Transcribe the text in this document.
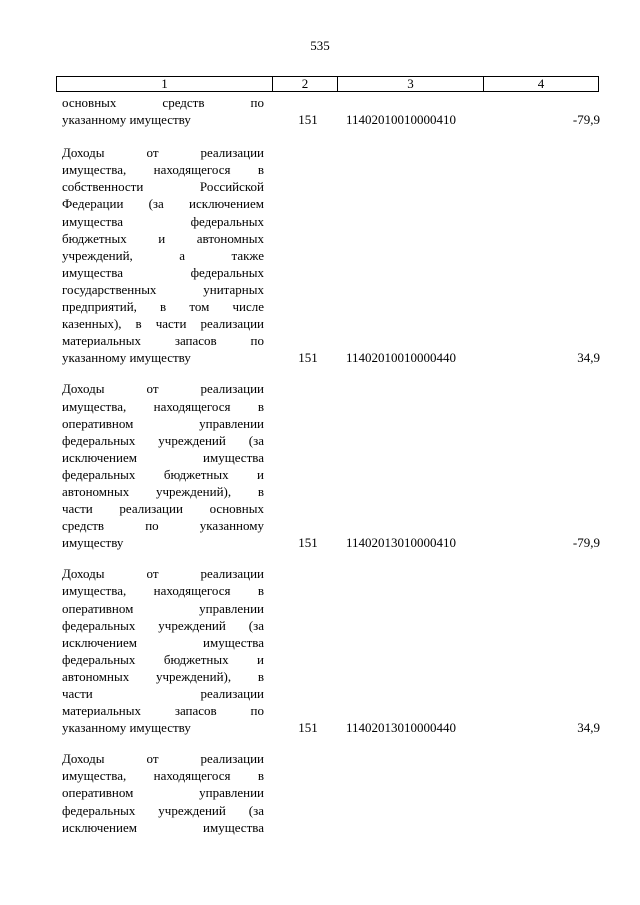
535
1	2	3	4
основных средств по
указанному имуществу	151	11402010010000410	-79,9
Доходы от реализации
имущества, находящегося в
собственности Российской
Федерации (за исключением
имущества федеральных
бюджетных и автономных
учреждений, а также
имущества федеральных
государственных унитарных
предприятий, в том числе
казенных), в части реализации
материальных запасов по
указанному имуществу	151	11402010010000440	34,9
Доходы от реализации
имущества, находящегося в
оперативном управлении
федеральных учреждений (за
исключением имущества
федеральных бюджетных и
автономных учреждений), в
части реализации основных
средств по указанному
имуществу	151	11402013010000410	-79,9
Доходы от реализации
имущества, находящегося в
оперативном управлении
федеральных учреждений (за
исключением имущества
федеральных бюджетных и
автономных учреждений), в
части реализации
материальных запасов по
указанному имуществу	151	11402013010000440	34,9
Доходы от реализации
имущества, находящегося в
оперативном управлении
федеральных учреждений (за
исключением имущества
